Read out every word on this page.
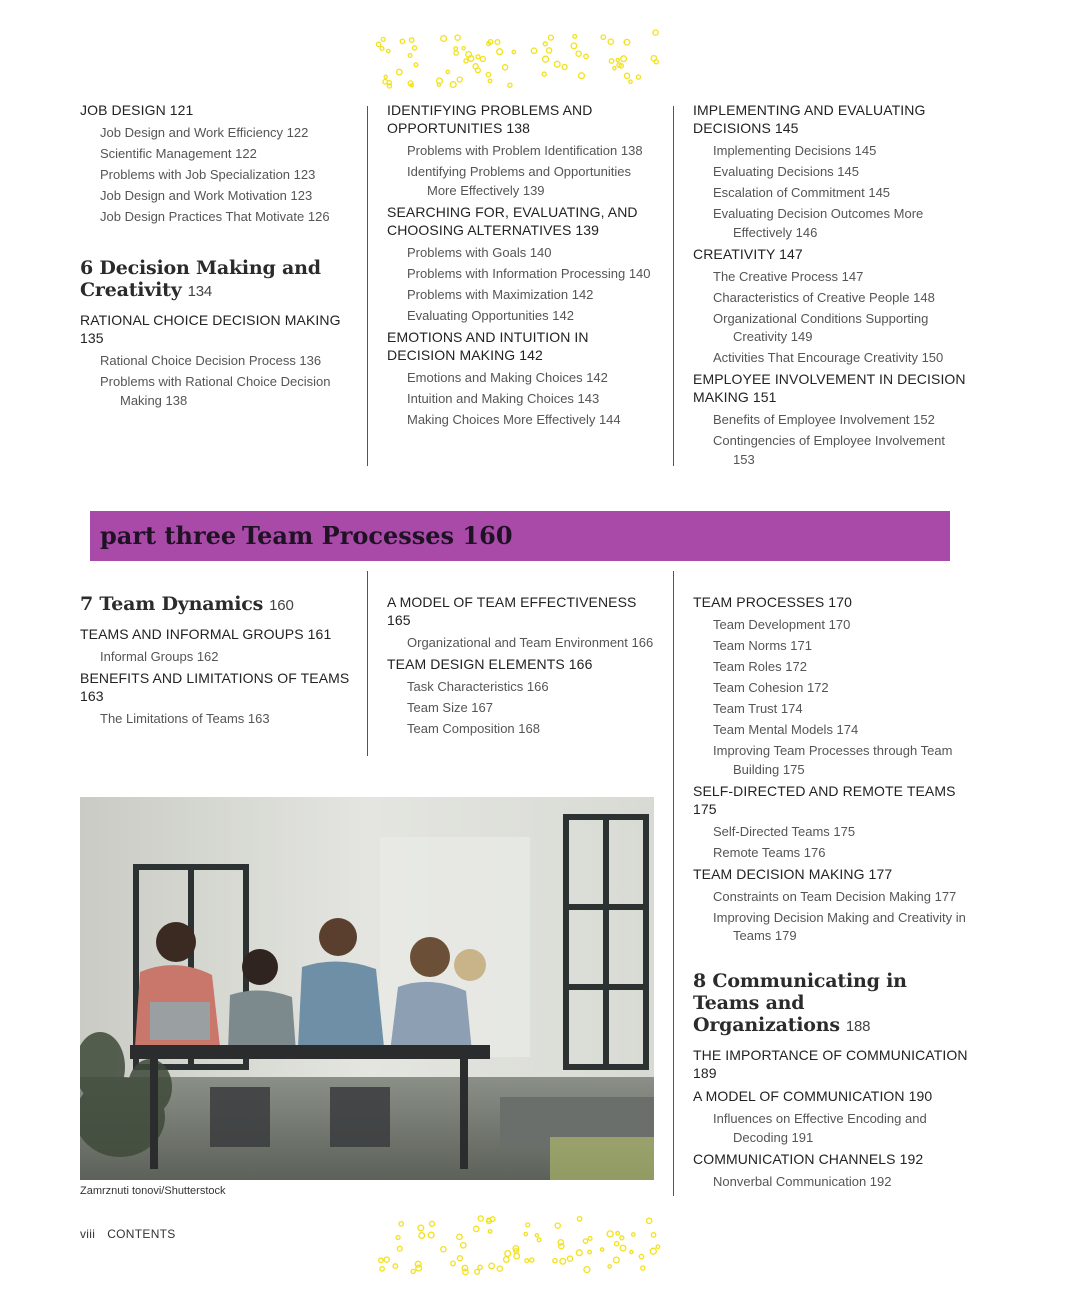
JOB DESIGN 121
Job Design and Work Efficiency 122
Scientific Management 122
Problems with Job Specialization 123
Job Design and Work Motivation 123
Job Design Practices That Motivate 126
6 Decision Making and Creativity 134
RATIONAL CHOICE DECISION MAKING 135
Rational Choice Decision Process 136
Problems with Rational Choice Decision Making 138
IDENTIFYING PROBLEMS AND OPPORTUNITIES 138
Problems with Problem Identification 138
Identifying Problems and Opportunities More Effectively 139
SEARCHING FOR, EVALUATING, AND CHOOSING ALTERNATIVES 139
Problems with Goals 140
Problems with Information Processing 140
Problems with Maximization 142
Evaluating Opportunities 142
EMOTIONS AND INTUITION IN DECISION MAKING 142
Emotions and Making Choices 142
Intuition and Making Choices 143
Making Choices More Effectively 144
IMPLEMENTING AND EVALUATING DECISIONS 145
Implementing Decisions 145
Evaluating Decisions 145
Escalation of Commitment 145
Evaluating Decision Outcomes More Effectively 146
CREATIVITY 147
The Creative Process 147
Characteristics of Creative People 148
Organizational Conditions Supporting Creativity 149
Activities That Encourage Creativity 150
EMPLOYEE INVOLVEMENT IN DECISION MAKING 151
Benefits of Employee Involvement 152
Contingencies of Employee Involvement 153
part three Team Processes 160
7 Team Dynamics 160
TEAMS AND INFORMAL GROUPS 161
Informal Groups 162
BENEFITS AND LIMITATIONS OF TEAMS 163
The Limitations of Teams 163
A MODEL OF TEAM EFFECTIVENESS 165
Organizational and Team Environment 166
TEAM DESIGN ELEMENTS 166
Task Characteristics 166
Team Size 167
Team Composition 168
TEAM PROCESSES 170
Team Development 170
Team Norms 171
Team Roles 172
Team Cohesion 172
Team Trust 174
Team Mental Models 174
Improving Team Processes through Team Building 175
SELF-DIRECTED AND REMOTE TEAMS 175
Self-Directed Teams 175
Remote Teams 176
TEAM DECISION MAKING 177
Constraints on Team Decision Making 177
Improving Decision Making and Creativity in Teams 179
8 Communicating in Teams and Organizations 188
THE IMPORTANCE OF COMMUNICATION 189
A MODEL OF COMMUNICATION 190
Influences on Effective Encoding and Decoding 191
COMMUNICATION CHANNELS 192
Nonverbal Communication 192
Zamrznuti tonovi/Shutterstock
viii CONTENTS
